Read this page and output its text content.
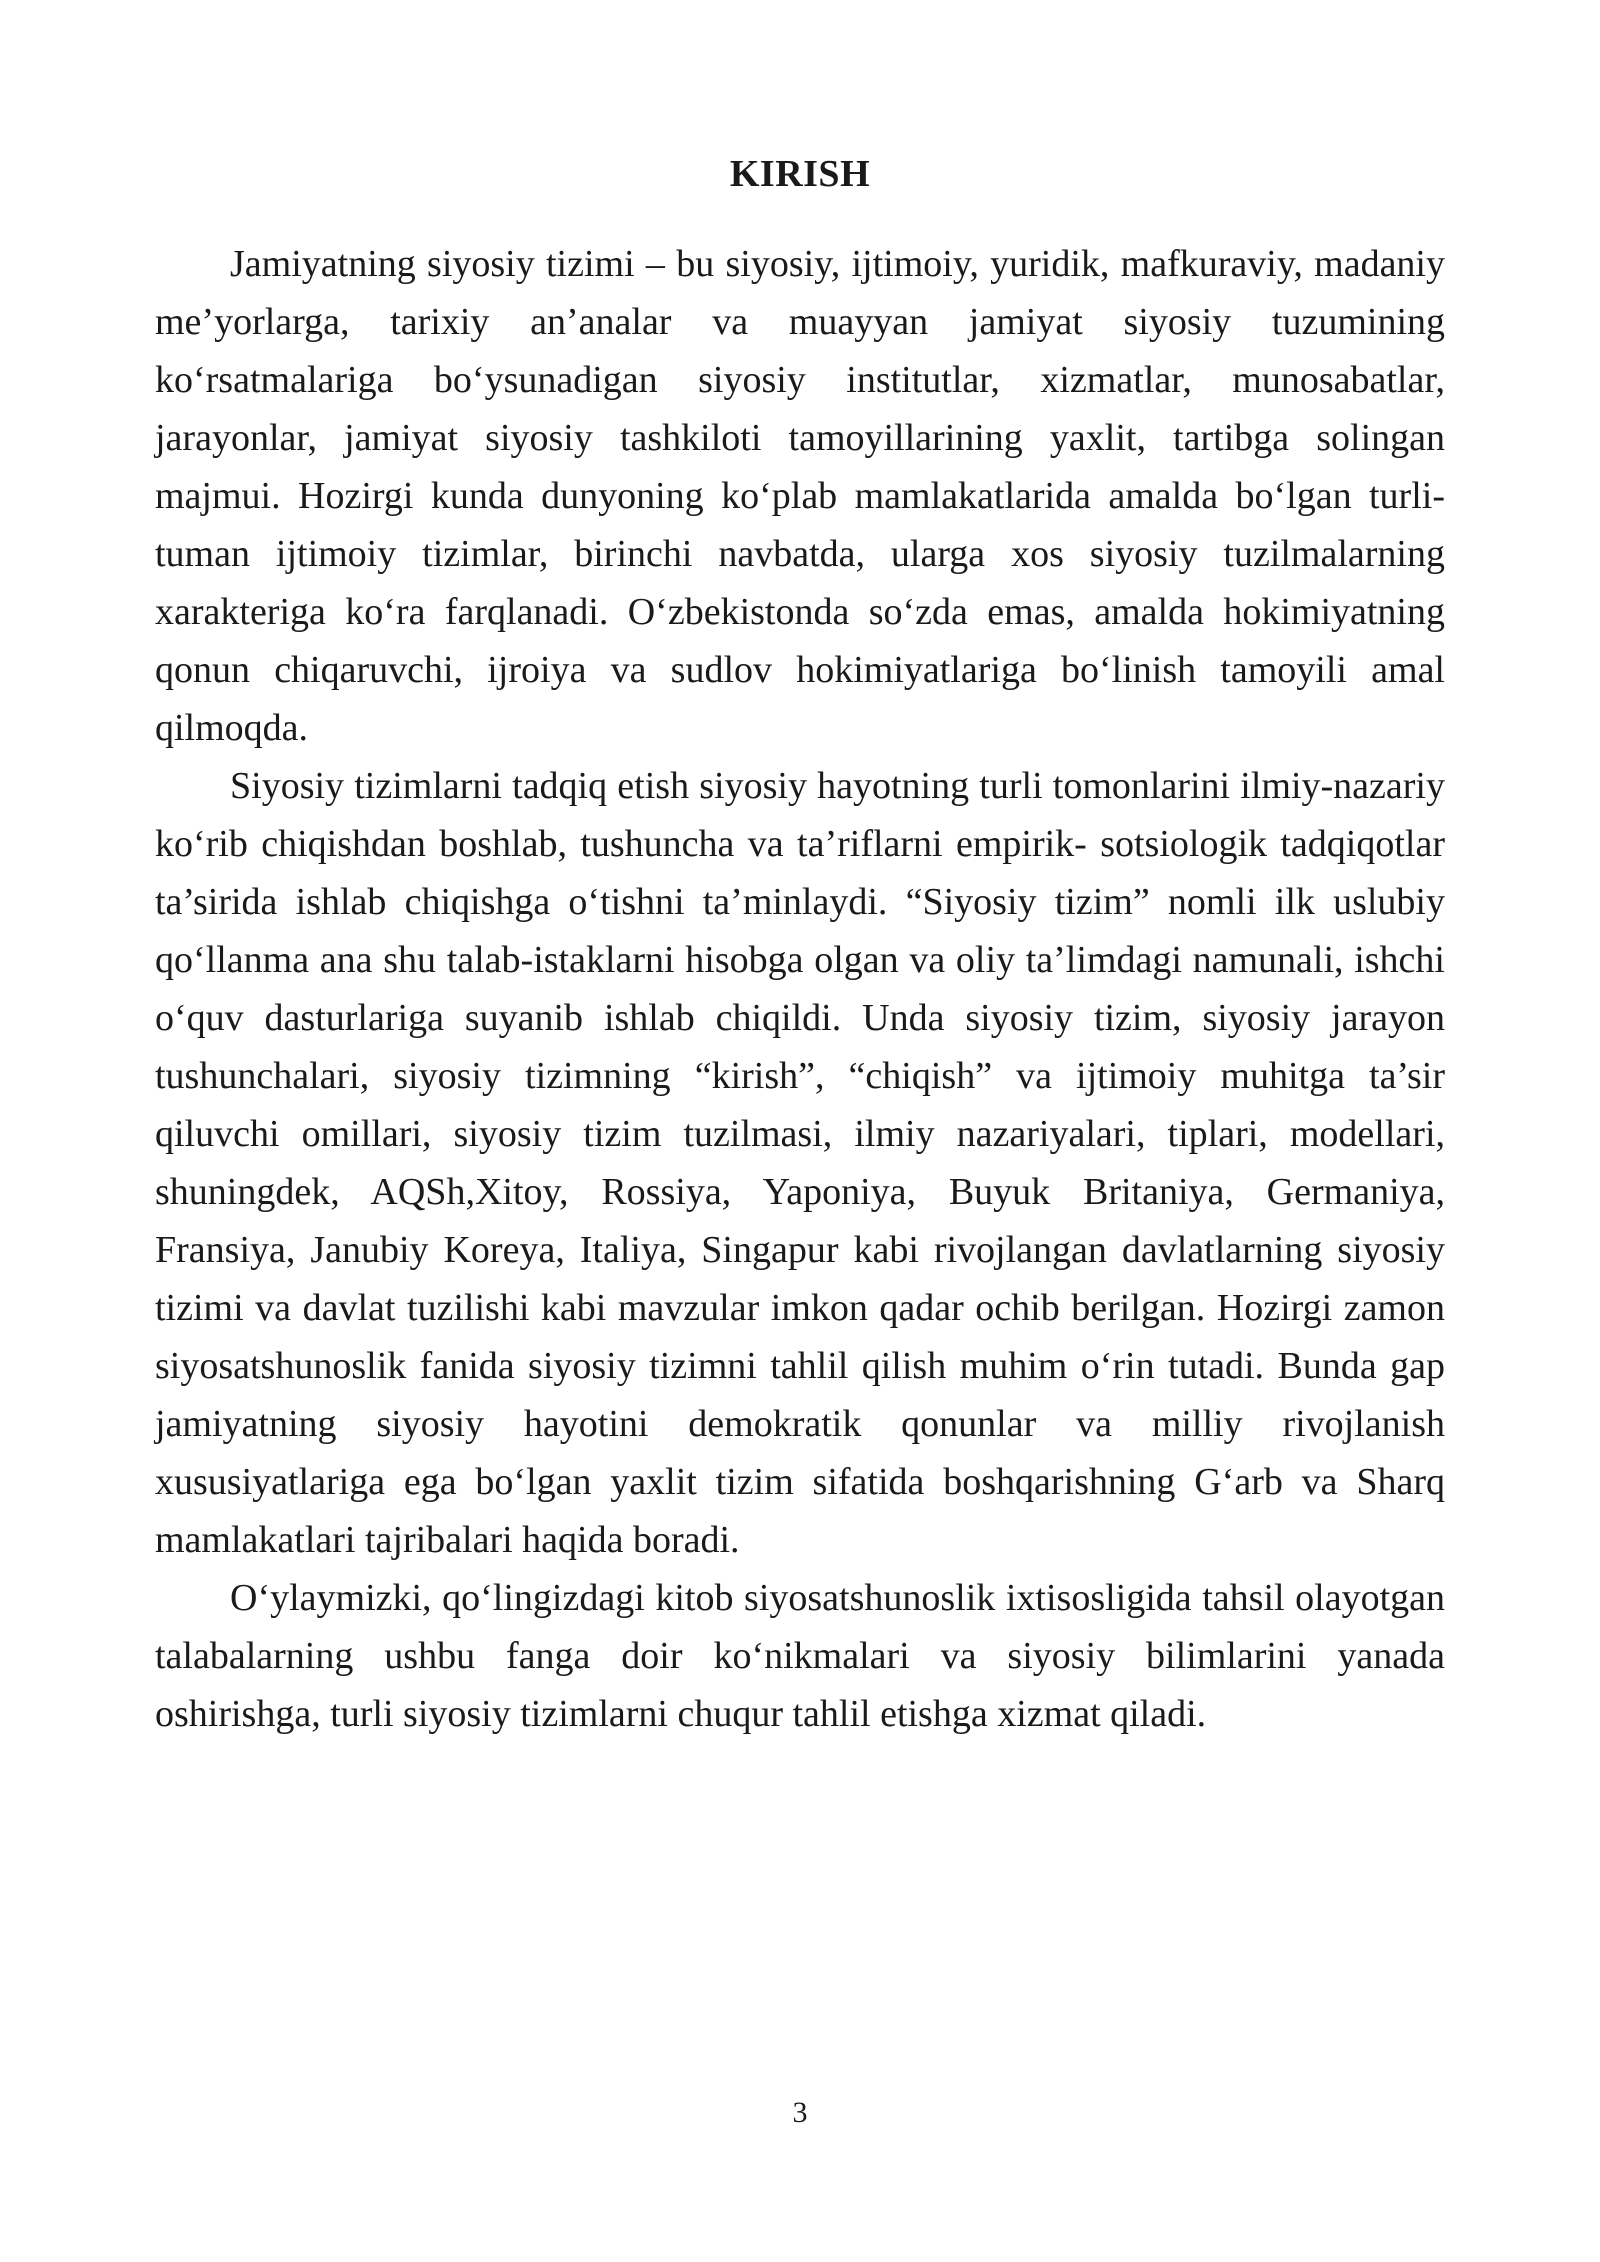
KIRISH

Jamiyatning siyosiy tizimi – bu siyosiy, ijtimoiy, yuridik, mafkuraviy, madaniy me’yorlarga, tarixiy an’analar va muayyan jamiyat siyosiy tuzumining ko‘rsatmalariga bo‘ysunadigan siyosiy institutlar, xizmatlar, munosabatlar, jarayonlar, jamiyat siyosiy tashkiloti tamoyillarining yaxlit, tartibga solingan majmui. Hozirgi kunda dunyoning ko‘plab mamlakatlarida amalda bo‘lgan turli-tuman ijtimoiy tizimlar, birinchi navbatda, ularga xos siyosiy tuzilmalarning xarakteriga ko‘ra farqlanadi. O‘zbekistonda so‘zda emas, amalda hokimiyatning qonun chiqaruvchi, ijroiya va sudlov hokimiyatlariga bo‘linish tamoyili amal qilmoqda.

Siyosiy tizimlarni tadqiq etish siyosiy hayotning turli tomonlarini ilmiy-nazariy ko‘rib chiqishdan boshlab, tushuncha va ta’riflarni empirik- sotsiologik tadqiqotlar ta’sirida ishlab chiqishga o‘tishni ta’minlaydi. “Siyosiy tizim” nomli ilk uslubiy qo‘llanma ana shu talab-istaklarni hisobga olgan va oliy ta’limdagi namunali, ishchi o‘quv dasturlariga suyanib ishlab chiqildi. Unda siyosiy tizim, siyosiy jarayon tushunchalari, siyosiy tizimning “kirish”, “chiqish” va ijtimoiy muhitga ta’sir qiluvchi omillari, siyosiy tizim tuzilmasi, ilmiy nazariyalari, tiplari, modellari, shuningdek, AQSh,Xitoy, Rossiya, Yaponiya, Buyuk Britaniya, Germaniya, Fransiya, Janubiy Koreya, Italiya, Singapur kabi rivojlangan davlatlarning siyosiy tizimi va davlat tuzilishi kabi mavzular imkon qadar ochib berilgan. Hozirgi zamon siyosatshunoslik fanida siyosiy tizimni tahlil qilish muhim o‘rin tutadi. Bunda gap jamiyatning siyosiy hayotini demokratik qonunlar va milliy rivojlanish xususiyatlariga ega bo‘lgan yaxlit tizim sifatida boshqarishning G‘arb va Sharq mamlakatlari tajribalari haqida boradi.

O‘ylaymizki, qo‘lingizdagi kitob siyosatshunoslik ixtisosligida tahsil olayotgan talabalarning ushbu fanga doir ko‘nikmalari va siyosiy bilimlarini yanada oshirishga, turli siyosiy tizimlarni chuqur tahlil etishga xizmat qiladi.

3
